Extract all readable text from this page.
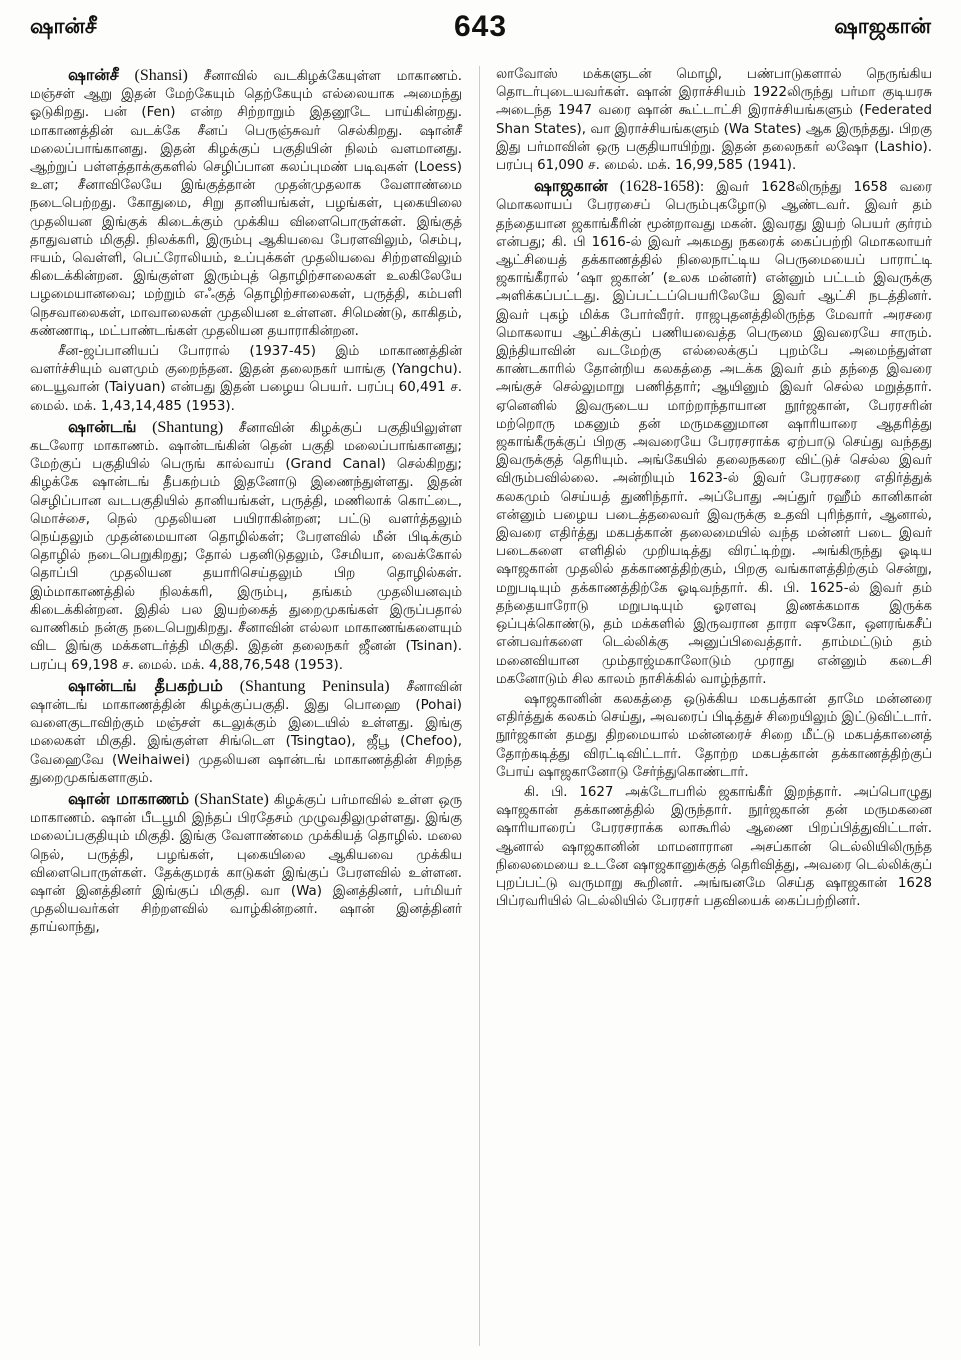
ஷான்சீ	643	ஷாஜகான்

ஷான்சீ (Shansi) சீனாவில் வடகிழக்கேயுள்ள மாகாணம். மஞ்சள் ஆறு இதன் மேற்கேயும் தெற்கேயும் எல்லையாக அமைந்து ஓடுகிறது. பன் (Fen) என்ற சிற்றாறும் இதனூடே பாய்கின்றது. மாகாணத்தின் வடக்கே சீனப் பெருஞ்சுவர் செல்கிறது. ஷான்சீ மலைப்பாங்கானது. இதன் கிழக்குப் பகுதியின் நிலம் வளமானது. ஆற்றுப் பள்ளத்தாக்குகளில் செழிப்பான கலப்புமண் படிவுகள் (Loess) உள; சீனாவிலேயே இங்குத்தான் முதன்முதலாக வேளாண்மை நடைபெற்றது. கோதுமை, சிறு தானியங்கள், பழங்கள், புகையிலை முதலியன இங்குக் கிடைக்கும் முக்கிய விளைபொருள்கள். இங்குத் தாதுவளம் மிகுதி. நிலக்கரி, இரும்பு ஆகியவை பேரளவிலும், செம்பு, ஈயம், வெள்ளி, பெட்ரோலியம், உப்புக்கள் முதலியவை சிற்றளவிலும் கிடைக்கின்றன. இங்குள்ள இரும்புத் தொழிற்சாலைகள் உலகிலேயே பழமையானவை; மற்றும் எஃகுத் தொழிற்சாலைகள், பருத்தி, கம்பளி நெசவாலைகள், மாவாலைகள் முதலியன உள்ளன. சிமெண்டு, காகிதம், கண்ணாடி, மட்பாண்டங்கள் முதலியன தயாராகின்றன.

சீன-ஜப்பானியப் போரால் (1937-45) இம் மாகாணத்தின் வளர்ச்சியும் வளமும் குறைந்தன. இதன் தலைநகர் யாங்கு (Yangchu). டையூவான் (Taiyuan) என்பது இதன் பழைய பெயர். பரப்பு 60,491 ச. மைல். மக். 1,43,14,485 (1953).

ஷான்டங் (Shantung) சீனாவின் கிழக்குப் பகுதியிலுள்ள கடலோர மாகாணம். ஷான்டங்கின் தென் பகுதி மலைப்பாங்கானது; மேற்குப் பகுதியில் பெருங் கால்வாய் (Grand Canal) செல்கிறது; கிழக்கே ஷான்டங் தீபகற்பம் இதனோடு இணைந்துள்ளது. இதன் செழிப்பான வடபகுதியில் தானியங்கள், பருத்தி, மணிலாக் கொட்டை, மொச்சை, நெல் முதலியன பயிராகின்றன; பட்டு வளர்த்தலும் நெய்தலும் முதன்மையான தொழில்கள்; பேரளவில் மீன் பிடிக்கும் தொழில் நடைபெறுகிறது; தோல் பதனிடுதலும், சேமியா, வைக்கோல் தொப்பி முதலியன தயாரிசெய்தலும் பிற தொழில்கள். இம்மாகாணத்தில் நிலக்கரி, இரும்பு, தங்கம் முதலியனவும் கிடைக்கின்றன. இதில் பல இயற்கைத் துறைமுகங்கள் இருப்பதால் வாணிகம் நன்கு நடைபெறுகிறது. சீனாவின் எல்லா மாகாணங்களையும் விட இங்கு மக்களடர்த்தி மிகுதி. இதன் தலைநகர் ஜீனன் (Tsinan). பரப்பு 69,198 ச. மைல். மக். 4,88,76,548 (1953).

ஷான்டங் தீபகற்பம் (Shantung Peninsula) சீனாவின் ஷான்டங் மாகாணத்தின் கிழக்குப்பகுதி. இது பொஹை (Pohai) வளைகுடாவிற்கும் மஞ்சள் கடலுக்கும் இடையில் உள்ளது. இங்கு மலைகள் மிகுதி. இங்குள்ள சிங்டௌ (Tsingtao), ஜீபூ (Chefoo), வேஹைவே (Weihaiwei) முதலியன ஷான்டங் மாகாணத்தின் சிறந்த துறைமுகங்களாகும்.

ஷான் மாகாணம் (ShanState) கிழக்குப் பர்மாவில் உள்ள ஒரு மாகாணம். ஷான் பீடபூமி இந்தப் பிரதேசம் முழுவதிலுமுள்ளது. இங்கு மலைப்பகுதியும் மிகுதி. இங்கு வேளாண்மை முக்கியத் தொழில். மலை நெல், பருத்தி, பழங்கள், புகையிலை ஆகியவை முக்கிய விளைபொருள்கள். தேக்குமரக் காடுகள் இங்குப் பேரளவில் உள்ளன. ஷான் இனத்தினர் இங்குப் மிகுதி. வா (Wa) இனத்தினர், பர்மியர் முதலியவர்கள் சிற்றளவில் வாழ்கின்றனர். ஷான் இனத்தினர் தாய்லாந்து,

லாவோஸ் மக்களுடன் மொழி, பண்பாடுகளால் நெருங்கிய தொடர்புடையவர்கள். ஷான் இராச்சியம் 1922லிருந்து பர்மா குடியரசு அடைந்த 1947 வரை ஷான் கூட்டாட்சி இராச்சியங்களும் (Federated Shan States), வா இராச்சியங்களும் (Wa States) ஆக இருந்தது. பிறகு இது பர்மாவின் ஒரு பகுதியாயிற்று. இதன் தலைநகர் லஷோ (Lashio). பரப்பு 61,090 ச. மைல். மக். 16,99,585 (1941).

ஷாஜகான் (1628-1658): இவர் 1628லிருந்து 1658 வரை மொகலாயப் பேரரசைப் பெரும்புகழோடு ஆண்டவர். இவர் தம் தந்தையான ஜகாங்கீரின் மூன்றாவது மகன். இவரது இயற் பெயர் குர்ரம் என்பது; கி. பி 1616-ல் இவர் அகமது நகரைக் கைப்பற்றி மொகலாயர் ஆட்சியைத் தக்காணத்தில் நிலைநாட்டிய பெருமையைப் பாராட்டி ஜகாங்கீரால் ‘ஷா ஜகான்’ (உலக மன்னர்) என்னும் பட்டம் இவருக்கு அளிக்கப்பட்டது. இப்பட்டப்பெயரிலேயே இவர் ஆட்சி நடத்தினர். இவர் புகழ் மிக்க போர்வீரர். ராஜபுதனத்திலிருந்த மேவார் அரசரை மொகலாய ஆட்சிக்குப் பணியவைத்த பெருமை இவரையே சாரும். இந்தியாவின் வடமேற்கு எல்லைக்குப் புறம்பே அமைந்துள்ள காண்டகாரில் தோன்றிய கலகத்தை அடக்க இவர் தம் தந்தை இவரை அங்குச் செல்லுமாறு பணித்தார்; ஆயினும் இவர் செல்ல மறுத்தார். ஏனெனில் இவருடைய மாற்றாந்தாயான நூர்ஜகான், பேரரசரின் மற்றொரு மகனும் தன் மருமகனுமான ஷாரியாரை ஆதரித்து ஜகாங்கீருக்குப் பிறகு அவரையே பேரரசராக்க ஏற்பாடு செய்து வந்தது இவருக்குத் தெரியும். அங்கேயில் தலைநகரை விட்டுச் செல்ல இவர் விரும்பவில்லை. அன்றியும் 1623-ல் இவர் பேரரசரை எதிர்த்துக் கலகமும் செய்யத் துணிந்தார். அப்போது அப்துர் ரஹீம் கானிகான் என்னும் பழைய படைத்தலைவர் இவருக்கு உதவி புரிந்தார், ஆனால், இவரை எதிர்த்து மகபத்கான் தலைமையில் வந்த மன்னர் படை இவர் படைகளை எளிதில் முறியடித்து விரட்டிற்று. அங்கிருந்து ஓடிய ஷாஜகான் முதலில் தக்காணத்திற்கும், பிறகு வங்காளத்திற்கும் சென்று, மறுபடியும் தக்காணத்திற்கே ஓடிவந்தார். கி. பி. 1625-ல் இவர் தம் தந்தையாரோடு மறுபடியும் ஓரளவு இணக்கமாக இருக்க ஒப்புக்கொண்டு, தம் மக்களில் இருவரான தாரா ஷுகோ, ஔரங்கசீப் என்பவர்களை டெல்லிக்கு அனுப்பிவைத்தார். தாம்மட்டும் தம் மனைவியான மும்தாஜ்மகாலோடும் முராது என்னும் கடைசி மகனோடும் சில காலம் நாசிக்கில் வாழ்ந்தார்.

ஷாஜகானின் கலகத்தை ஒடுக்கிய மகபத்கான் தாமே மன்னரை எதிர்த்துக் கலகம் செய்து, அவரைப் பிடித்துச் சிறையிலும் இட்டுவிட்டார். நூர்ஜகான் தமது திறமையால் மன்னரைச் சிறை மீட்டு மகபத்கானைத் தோற்கடித்து விரட்டிவிட்டார். தோற்ற மகபத்கான் தக்காணத்திற்குப் போய் ஷாஜகானோடு சேர்ந்துகொண்டார்.

கி. பி. 1627 அக்டோபரில் ஜகாங்கீர் இறந்தார். அப்பொழுது ஷாஜகான் தக்காணத்தில் இருந்தார். நூர்ஜகான் தன் மருமகனை ஷாரியாரைப் பேரரசராக்க லாகூரில் ஆணை பிறப்பித்துவிட்டாள். ஆனால் ஷாஜகானின் மாமனாரான அசப்கான் டெல்லியிலிருந்த நிலைமையை உடனே ஷாஜகானுக்குத் தெரிவித்து, அவரை டெல்லிக்குப் புறப்பட்டு வருமாறு கூறினர். அங்ஙனமே செய்த ஷாஜகான் 1628 பிப்ரவரியில் டெல்லியில் பேரரசர் பதவியைக் கைப்பற்றினர்.
